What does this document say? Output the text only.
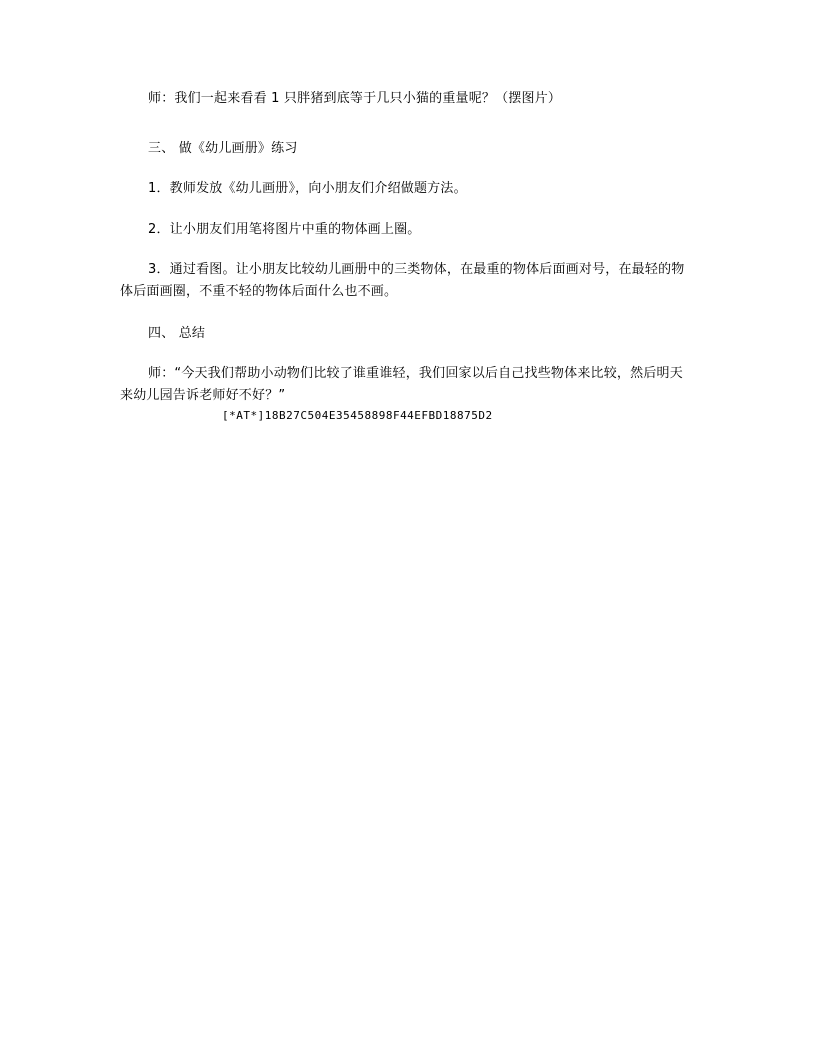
师：我们一起来看看 1 只胖猪到底等于几只小猫的重量呢？（摆图片）

三、 做《幼儿画册》练习

1．教师发放《幼儿画册》，向小朋友们介绍做题方法。

2．让小朋友们用笔将图片中重的物体画上圈。

3．通过看图。让小朋友比较幼儿画册中的三类物体，在最重的物体后面画对号，在最轻的物体后面画圈，不重不轻的物体后面什么也不画。

四、 总结

师：“今天我们帮助小动物们比较了谁重谁轻，我们回家以后自己找些物体来比较，然后明天来幼儿园告诉老师好不好？”

[*AT*]18B27C504E35458898F44EFBD18875D2
